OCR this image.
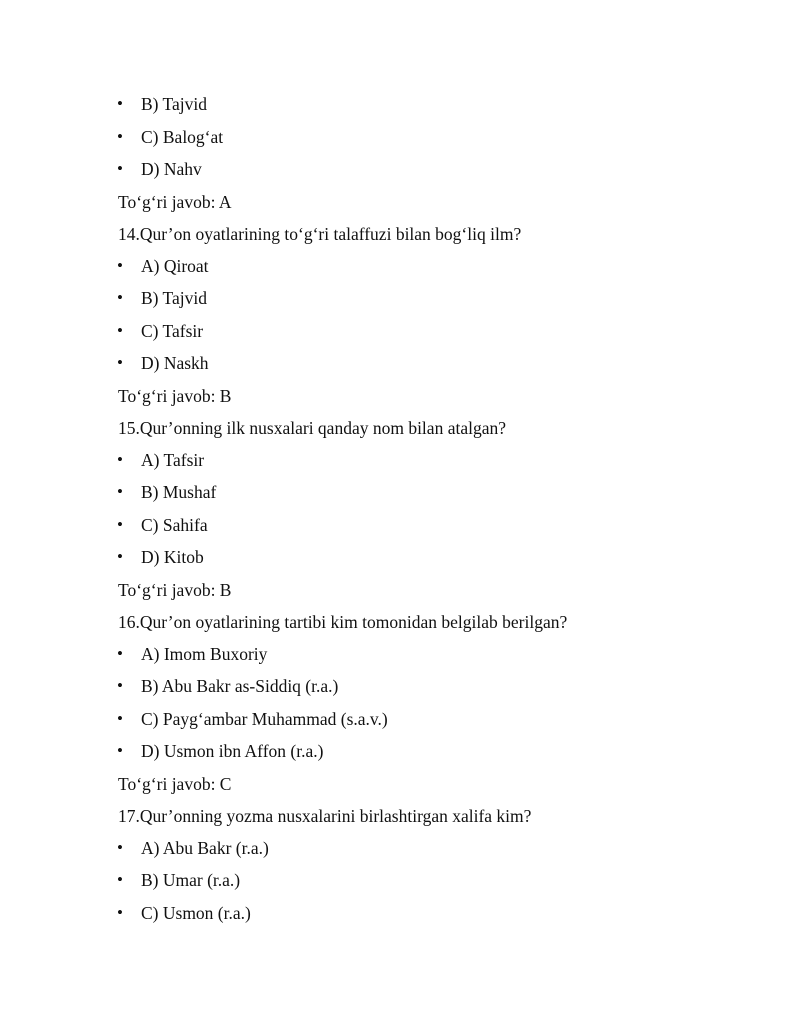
• B) Tajvid
• C) Balog‘at
• D) Nahv
To‘g‘ri javob: A
14.Qur’on oyatlarining to‘g‘ri talaffuzi bilan bog‘liq ilm?
• A) Qiroat
• B) Tajvid
• C) Tafsir
• D) Naskh
To‘g‘ri javob: B
15.Qur’onning ilk nusxalari qanday nom bilan atalgan?
• A) Tafsir
• B) Mushaf
• C) Sahifa
• D) Kitob
To‘g‘ri javob: B
16.Qur’on oyatlarining tartibi kim tomonidan belgilab berilgan?
• A) Imom Buxoriy
• B) Abu Bakr as-Siddiq (r.a.)
• C) Payg‘ambar Muhammad (s.a.v.)
• D) Usmon ibn Affon (r.a.)
To‘g‘ri javob: C
17.Qur’onning yozma nusxalarini birlashtirgan xalifa kim?
• A) Abu Bakr (r.a.)
• B) Umar (r.a.)
• C) Usmon (r.a.)
